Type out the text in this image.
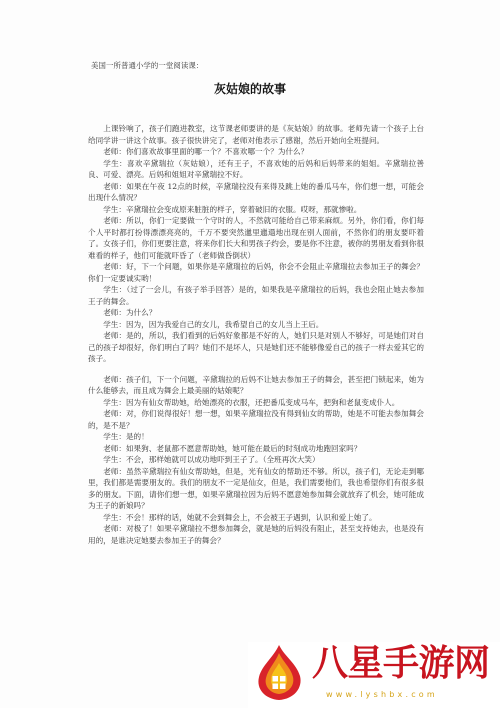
美国一所普通小学的一堂阅读课：
灰姑娘的故事

上课铃响了，孩子们跑进教室，这节课老师要讲的是《灰姑娘》的故事。老师先请一个孩子上台给同学讲一讲这个故事。孩子很快讲完了，老师对他表示了感谢，然后开始向全班提问。

老师：你们喜欢故事里面的哪一个？不喜欢哪一个？为什么？

学生：喜欢辛黛瑞拉（灰姑娘），还有王子，不喜欢她的后妈和后妈带来的姐姐。辛黛瑞拉善良、可爱、漂亮。后妈和姐姐对辛黛瑞拉不好。

老师：如果在午夜 12点的时候，辛黛瑞拉没有来得及跳上她的番瓜马车，你们想一想，可能会出现什么情况？

学生：辛黛瑞拉会变成原来脏脏的样子，穿着破旧的衣服。哎呀，那就惨啦。

老师：所以，你们一定要做一个守时的人，不然就可能给自己带来麻烦。另外，你们看，你们每个人平时都打扮得漂漂亮亮的，千万不要突然邋里邋遢地出现在别人面前，不然你们的朋友要吓着了。女孩子们，你们更要注意，将来你们长大和男孩子约会，要是你不注意，被你的男朋友看到你很难看的样子，他们可能就吓昏了（老师做昏倒状）

老师：好，下一个问题，如果你是辛黛瑞拉的后妈，你会不会阻止辛黛瑞拉去参加王子的舞会？你们一定要诚实哟！

学生：（过了一会儿，有孩子举手回答）是的，如果我是辛黛瑞拉的后妈，我也会阻止她去参加王子的舞会。

老师：为什么？

学生：因为，因为我爱自己的女儿，我希望自己的女儿当上王后。

老师：是的，所以，我们看到的后妈好象都是不好的人，她们只是对别人不够好，可是她们对自己的孩子却很好，你们明白了吗？她们不是坏人，只是她们还不能够像爱自己的孩子一样去爱其它的孩子。

老师：孩子们，下一个问题，辛黛瑞拉的后妈不让她去参加王子的舞会，甚至把门锁起来，她为什么能够去，而且成为舞会上最美丽的姑娘呢？

学生：因为有仙女帮助她，给她漂亮的衣服，还把番瓜变成马车，把狗和老鼠变成仆人。

老师：对，你们说得很好！想一想，如果辛黛瑞拉没有得到仙女的帮助，她是不可能去参加舞会的，是不是？

学生：是的！

老师：如果狗、老鼠都不愿意帮助她，她可能在最后的时刻成功地跑回家吗？

学生：不会，那样她就可以成功地吓到王子了。（全班再次大笑）

老师：虽然辛黛瑞拉有仙女帮助她，但是，光有仙女的帮助还不够。所以，孩子们，无论走到哪里，我们都是需要朋友的。我们的朋友不一定是仙女，但是，我们需要他们，我也希望你们有很多很多的朋友。下面，请你们想一想，如果辛黛瑞拉因为后妈不愿意她参加舞会就放弃了机会，她可能成为王子的新娘吗？

学生：不会！那样的话，她就不会到舞会上，不会被王子遇到，认识和爱上她了。

老师：对极了！如果辛黛瑞拉不想参加舞会，就是她的后妈没有阻止，甚至支持她去，也是没有用的，是谁决定她要去参加王子的舞会？

八星手游网
www.lyshbx.com
